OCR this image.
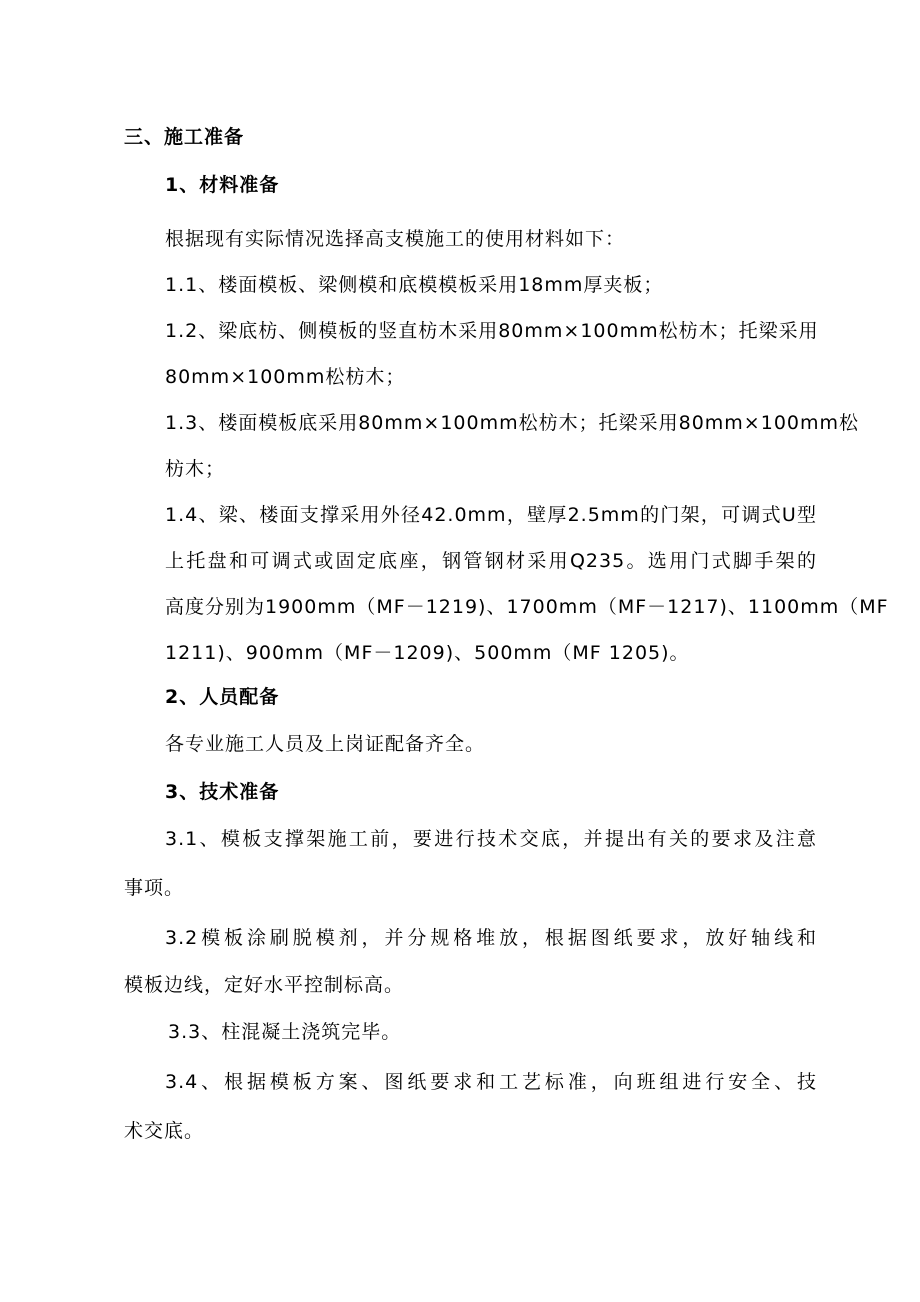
三、施工准备
1、材料准备
根据现有实际情况选择高支模施工的使用材料如下：
1.1、楼面模板、梁侧模和底模模板采用18mm厚夹板；
1.2、梁底枋、侧模板的竖直枋木采用80mm×100mm松枋木；托梁采用
80mm×100mm松枋木；
1.3、楼面模板底采用80mm×100mm松枋木；托梁采用80mm×100mm松
枋木；
1.4、梁、楼面支撑采用外径42.0mm，壁厚2.5mm的门架，可调式U型
上托盘和可调式或固定底座，钢管钢材采用Q235。选用门式脚手架的
高度分别为1900mm（MF－1219)、1700mm（MF－1217)、1100mm（MF
1211)、900mm（MF－1209)、500mm（MF 1205)。
2、人员配备
各专业施工人员及上岗证配备齐全。
3、技术准备
3.1、模板支撑架施工前，要进行技术交底，并提出有关的要求及注意
事项。
3.2模板涂刷脱模剂，并分规格堆放，根据图纸要求，放好轴线和
模板边线，定好水平控制标高。
3.3、柱混凝土浇筑完毕。
3.4、根据模板方案、图纸要求和工艺标准，向班组进行安全、技
术交底。
